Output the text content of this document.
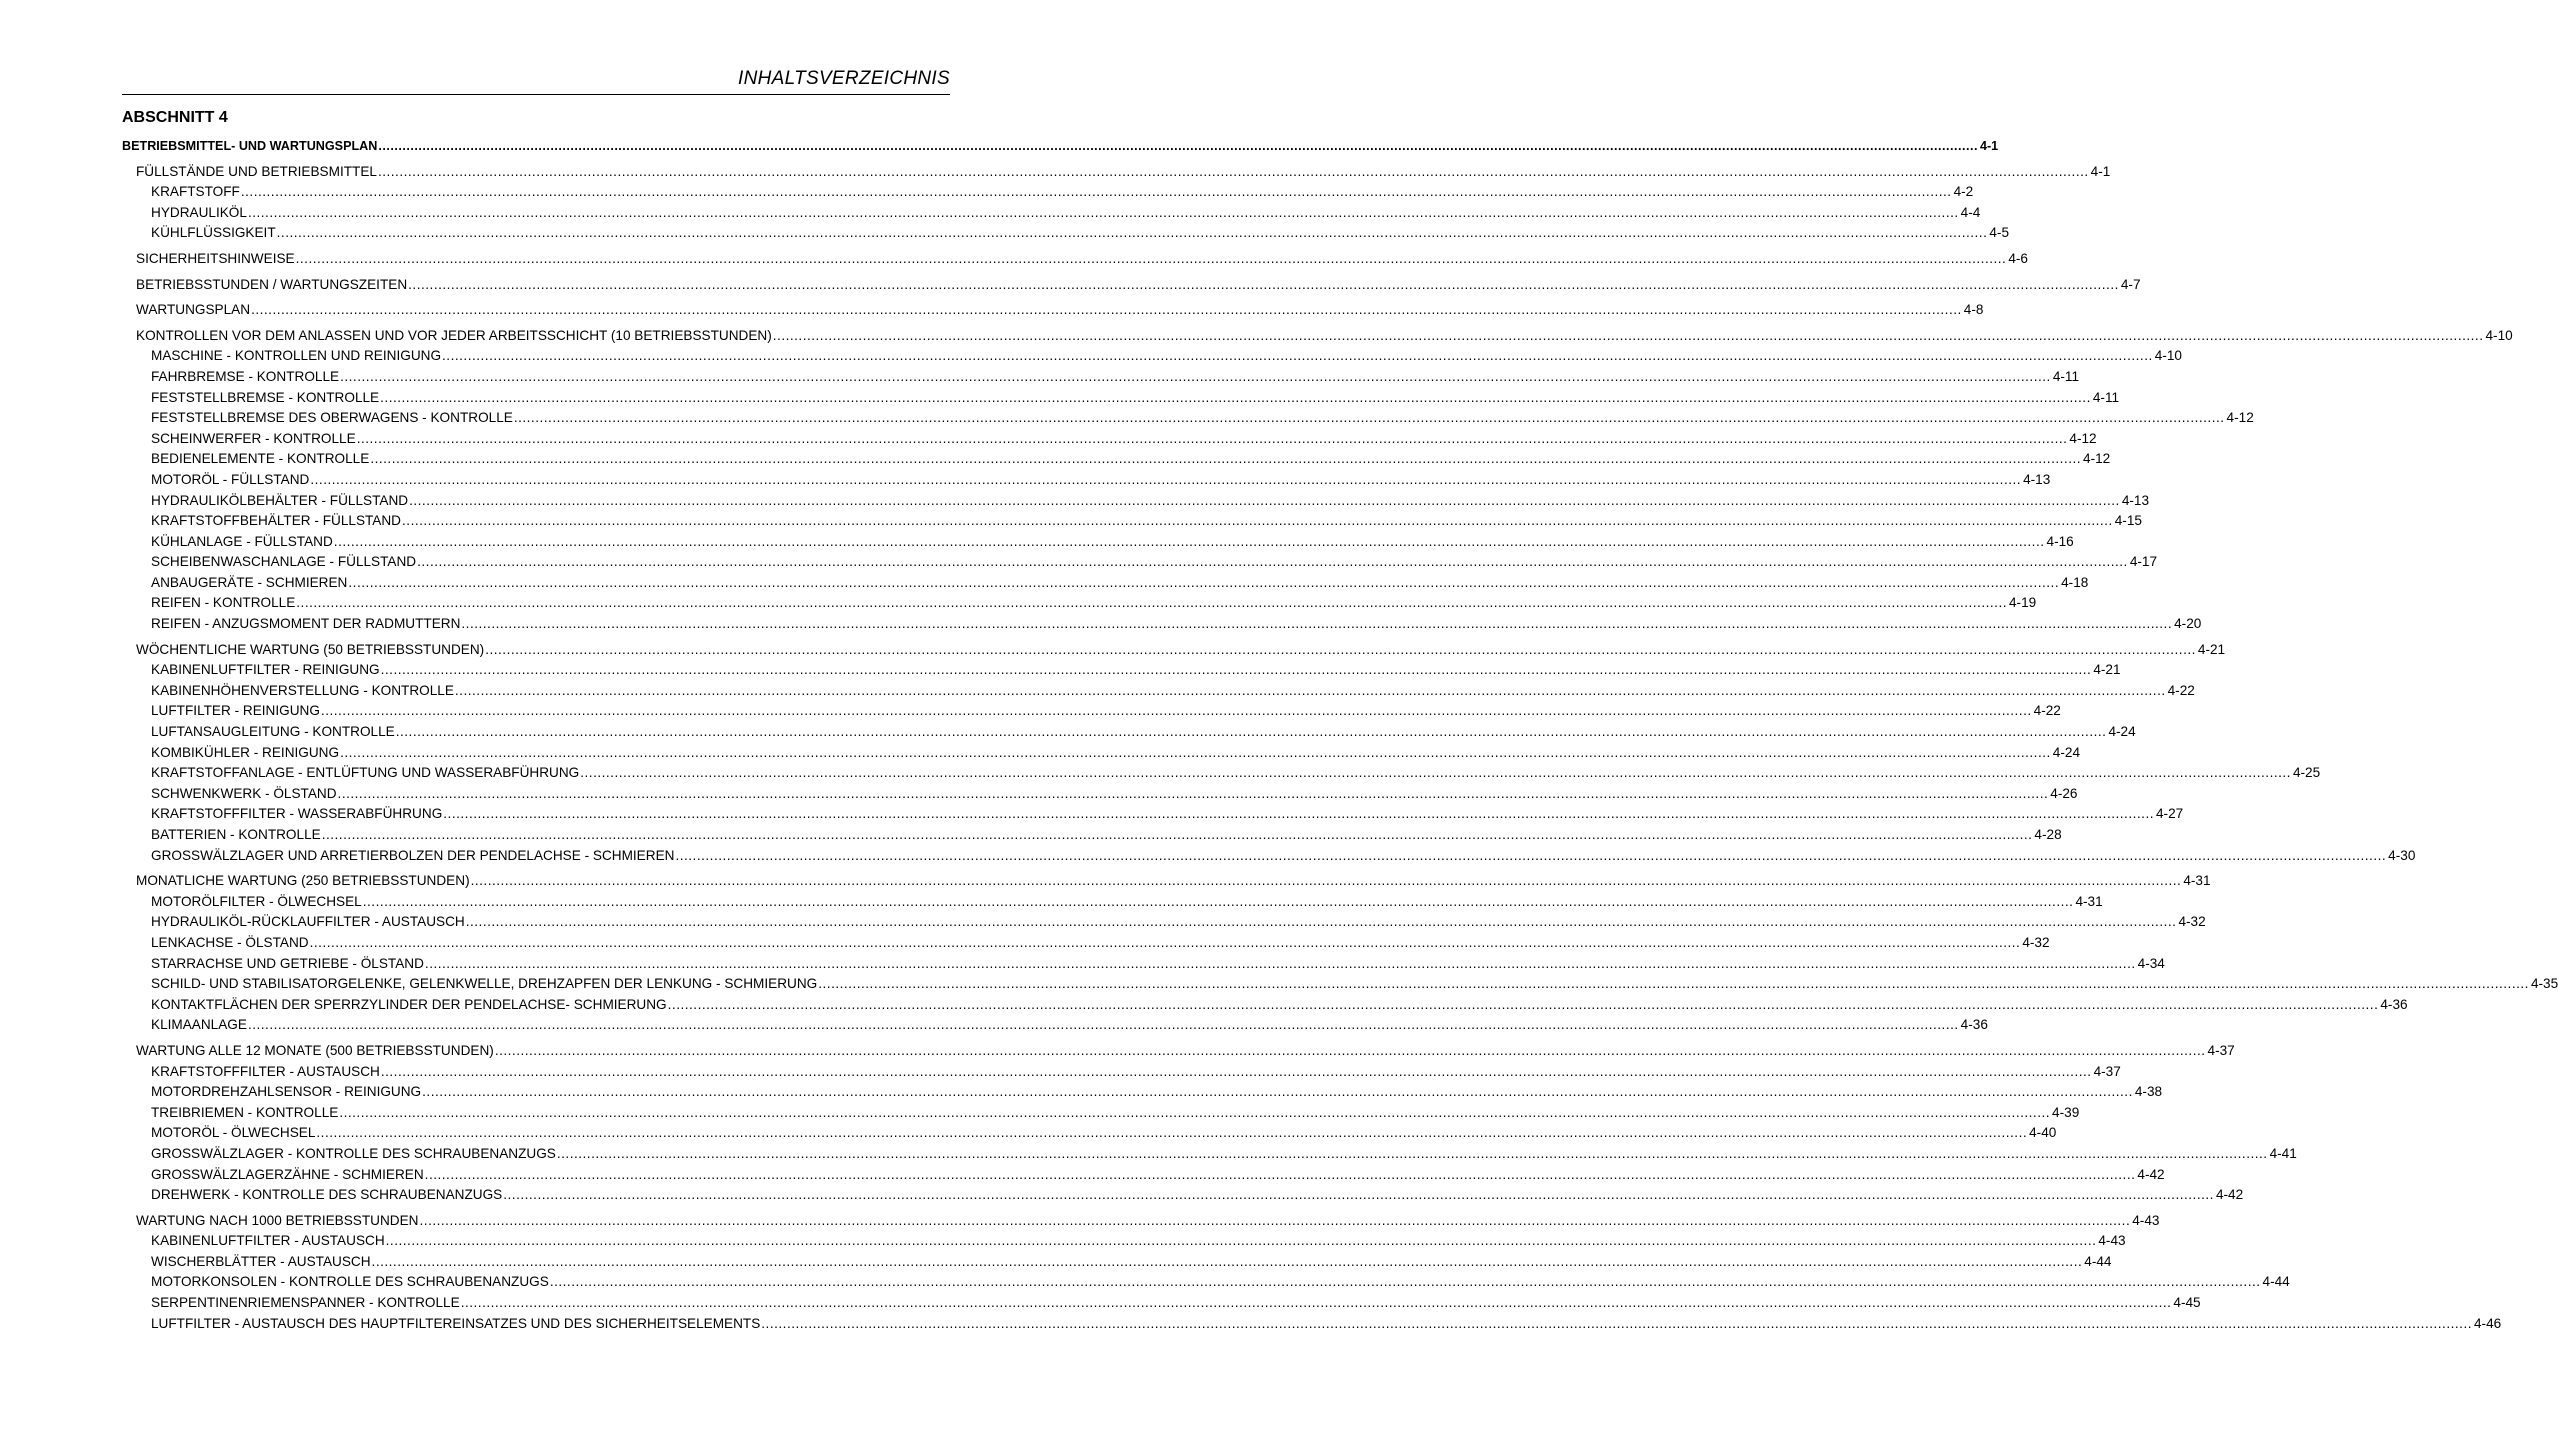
INHALTSVERZEICHNIS
ABSCHNITT 4
BETRIEBSMITTEL- UND WARTUNGSPLAN ................................................................................................................................................................................................................................................................................................................................................................................................................ 4-1
FÜLLSTÄNDE UND BETRIEBSMITTEL ................................................................................................................................................................................................................................................................................................................................................................................................................ 4-1
KRAFTSTOFF ................................................................................................................................................................................................................................................................................................................................................................................................................ 4-2
HYDRAULIKÖL ................................................................................................................................................................................................................................................................................................................................................................................................................ 4-4
KÜHLFLÜSSIGKEIT ................................................................................................................................................................................................................................................................................................................................................................................................................ 4-5
SICHERHEITSHINWEISE ................................................................................................................................................................................................................................................................................................................................................................................................................ 4-6
BETRIEBSSTUNDEN / WARTUNGSZEITEN ................................................................................................................................................................................................................................................................................................................................................................................................................ 4-7
WARTUNGSPLAN ................................................................................................................................................................................................................................................................................................................................................................................................................ 4-8
KONTROLLEN VOR DEM ANLASSEN UND VOR JEDER ARBEITSSCHICHT (10 BETRIEBSSTUNDEN) ................................................................................................................................................................................................................................................................................................................................................................................................................ 4-10
MASCHINE - KONTROLLEN UND REINIGUNG ................................................................................................................................................................................................................................................................................................................................................................................................................ 4-10
FAHRBREMSE - KONTROLLE ................................................................................................................................................................................................................................................................................................................................................................................................................ 4-11
FESTSTELLBREMSE - KONTROLLE ................................................................................................................................................................................................................................................................................................................................................................................................................ 4-11
FESTSTELLBREMSE DES OBERWAGENS - KONTROLLE ................................................................................................................................................................................................................................................................................................................................................................................................................ 4-12
SCHEINWERFER - KONTROLLE ................................................................................................................................................................................................................................................................................................................................................................................................................ 4-12
BEDIENELEMENTE - KONTROLLE ................................................................................................................................................................................................................................................................................................................................................................................................................ 4-12
MOTORÖL - FÜLLSTAND ................................................................................................................................................................................................................................................................................................................................................................................................................ 4-13
HYDRAULIKÖLBEHÄLTER - FÜLLSTAND ................................................................................................................................................................................................................................................................................................................................................................................................................ 4-13
KRAFTSTOFFBEHÄLTER - FÜLLSTAND ................................................................................................................................................................................................................................................................................................................................................................................................................ 4-15
KÜHLANLAGE - FÜLLSTAND ................................................................................................................................................................................................................................................................................................................................................................................................................ 4-16
SCHEIBENWASCHANLAGE - FÜLLSTAND ................................................................................................................................................................................................................................................................................................................................................................................................................ 4-17
ANBAUGERÄTE - SCHMIEREN ................................................................................................................................................................................................................................................................................................................................................................................................................ 4-18
REIFEN - KONTROLLE ................................................................................................................................................................................................................................................................................................................................................................................................................ 4-19
REIFEN - ANZUGSMOMENT DER RADMUTTERN ................................................................................................................................................................................................................................................................................................................................................................................................................ 4-20
WÖCHENTLICHE WARTUNG (50 BETRIEBSSTUNDEN) ................................................................................................................................................................................................................................................................................................................................................................................................................ 4-21
KABINENLUFTFILTER - REINIGUNG ................................................................................................................................................................................................................................................................................................................................................................................................................ 4-21
KABINENHÖHENVERSTELLUNG - KONTROLLE ................................................................................................................................................................................................................................................................................................................................................................................................................ 4-22
LUFTFILTER - REINIGUNG ................................................................................................................................................................................................................................................................................................................................................................................................................ 4-22
LUFTANSAUGLEITUNG - KONTROLLE ................................................................................................................................................................................................................................................................................................................................................................................................................ 4-24
KOMBIKÜHLER - REINIGUNG ................................................................................................................................................................................................................................................................................................................................................................................................................ 4-24
KRAFTSTOFFANLAGE - ENTLÜFTUNG UND WASSERABFÜHRUNG ................................................................................................................................................................................................................................................................................................................................................................................................................ 4-25
SCHWENKWERK - ÖLSTAND ................................................................................................................................................................................................................................................................................................................................................................................................................ 4-26
KRAFTSTOFFFILTER - WASSERABFÜHRUNG ................................................................................................................................................................................................................................................................................................................................................................................................................ 4-27
BATTERIEN - KONTROLLE ................................................................................................................................................................................................................................................................................................................................................................................................................ 4-28
GROSSWÄLZLAGER UND ARRETIERBOLZEN DER PENDELACHSE - SCHMIEREN ................................................................................................................................................................................................................................................................................................................................................................................................................ 4-30
MONATLICHE WARTUNG (250 BETRIEBSSTUNDEN) ................................................................................................................................................................................................................................................................................................................................................................................................................ 4-31
MOTORÖLFILTER - ÖLWECHSEL ................................................................................................................................................................................................................................................................................................................................................................................................................ 4-31
HYDRAULIKÖL-RÜCKLAUFFILTER - AUSTAUSCH ................................................................................................................................................................................................................................................................................................................................................................................................................ 4-32
LENKACHSE - ÖLSTAND ................................................................................................................................................................................................................................................................................................................................................................................................................ 4-32
STARRACHSE UND GETRIEBE - ÖLSTAND ................................................................................................................................................................................................................................................................................................................................................................................................................ 4-34
SCHILD- UND STABILISATORGELENKE, GELENKWELLE, DREHZAPFEN DER LENKUNG - SCHMIERUNG ................................................................................................................................................................................................................................................................................................................................................................................................................ 4-35
KONTAKTFLÄCHEN DER SPERRZYLINDER DER PENDELACHSE- SCHMIERUNG ................................................................................................................................................................................................................................................................................................................................................................................................................ 4-36
KLIMAANLAGE ................................................................................................................................................................................................................................................................................................................................................................................................................ 4-36
WARTUNG ALLE 12 MONATE (500 BETRIEBSSTUNDEN) ................................................................................................................................................................................................................................................................................................................................................................................................................ 4-37
KRAFTSTOFFFILTER - AUSTAUSCH ................................................................................................................................................................................................................................................................................................................................................................................................................ 4-37
MOTORDREHZAHLSENSOR - REINIGUNG ................................................................................................................................................................................................................................................................................................................................................................................................................ 4-38
TREIBRIEMEN - KONTROLLE ................................................................................................................................................................................................................................................................................................................................................................................................................ 4-39
MOTORÖL - ÖLWECHSEL ................................................................................................................................................................................................................................................................................................................................................................................................................ 4-40
GROSSWÄLZLAGER - KONTROLLE DES SCHRAUBENANZUGS ................................................................................................................................................................................................................................................................................................................................................................................................................ 4-41
GROSSWÄLZLAGERZÄHNE - SCHMIEREN ................................................................................................................................................................................................................................................................................................................................................................................................................ 4-42
DREHWERK - KONTROLLE DES SCHRAUBENANZUGS ................................................................................................................................................................................................................................................................................................................................................................................................................ 4-42
WARTUNG NACH 1000 BETRIEBSSTUNDEN ................................................................................................................................................................................................................................................................................................................................................................................................................ 4-43
KABINENLUFTFILTER - AUSTAUSCH ................................................................................................................................................................................................................................................................................................................................................................................................................ 4-43
WISCHERBLÄTTER - AUSTAUSCH ................................................................................................................................................................................................................................................................................................................................................................................................................ 4-44
MOTORKONSOLEN - KONTROLLE DES SCHRAUBENANZUGS ................................................................................................................................................................................................................................................................................................................................................................................................................ 4-44
SERPENTINENRIEMENSPANNER - KONTROLLE ................................................................................................................................................................................................................................................................................................................................................................................................................ 4-45
LUFTFILTER - AUSTAUSCH DES HAUPTFILTEREINSATZES UND DES SICHERHEITSELEMENTS ................................................................................................................................................................................................................................................................................................................................................................................................................ 4-46
